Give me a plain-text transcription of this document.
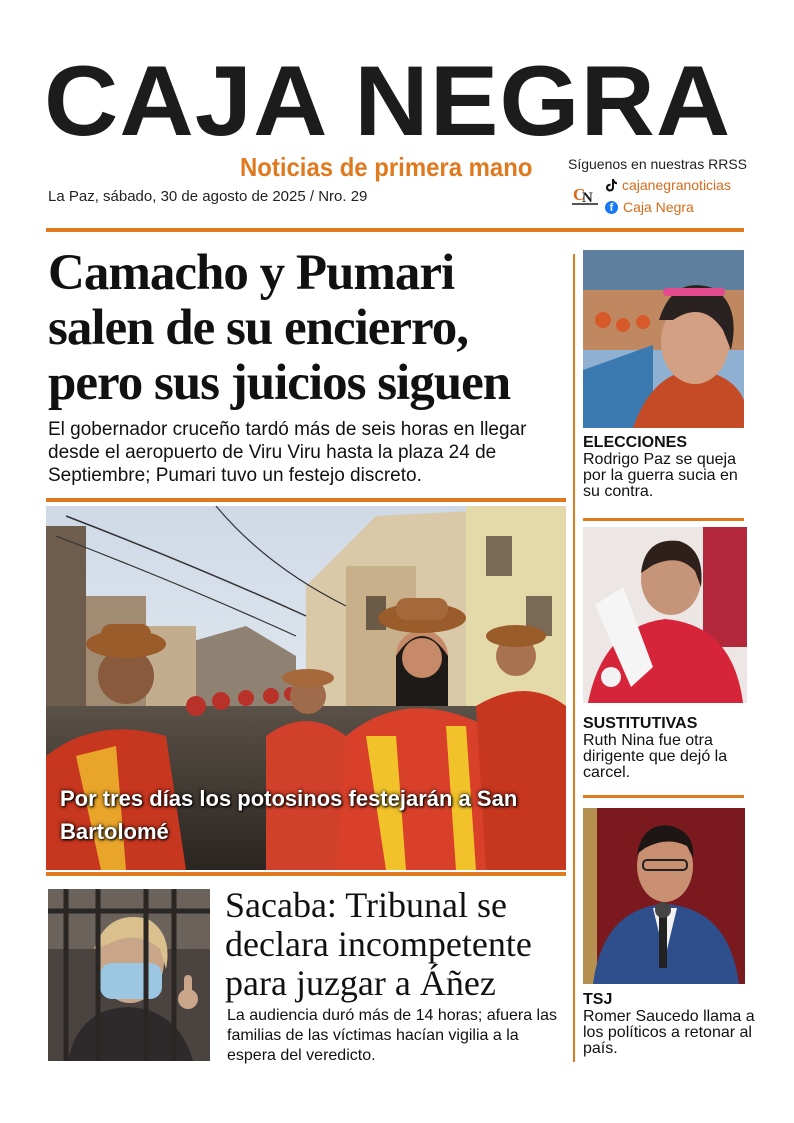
CAJA NEGRA
Noticias de primera mano
La Paz, sábado, 30 de agosto de 2025 / Nro. 29
Síguenos en nuestras RRSS
C
N
cajanegranoticias
f Caja Negra
Camacho y Pumari salen de su encierro, pero sus juicios siguen
El gobernador cruceño tardó más de seis horas en llegar desde el aeropuerto de Viru Viru hasta la plaza 24 de Septiembre; Pumari tuvo un festejo discreto.
Por tres días los potosinos festejarán a San Bartolomé
Sacaba: Tribunal se declara incompetente para juzgar a Áñez
La audiencia duró más de 14 horas; afuera las familias de las víctimas hacían vigilia a la espera del veredicto.
ELECCIONES
Rodrigo Paz se queja por la guerra sucia en su contra.
SUSTITUTIVAS
Ruth Nina fue otra dirigente que dejó la carcel.
TSJ
Romer Saucedo llama a los políticos a retonar al país.
